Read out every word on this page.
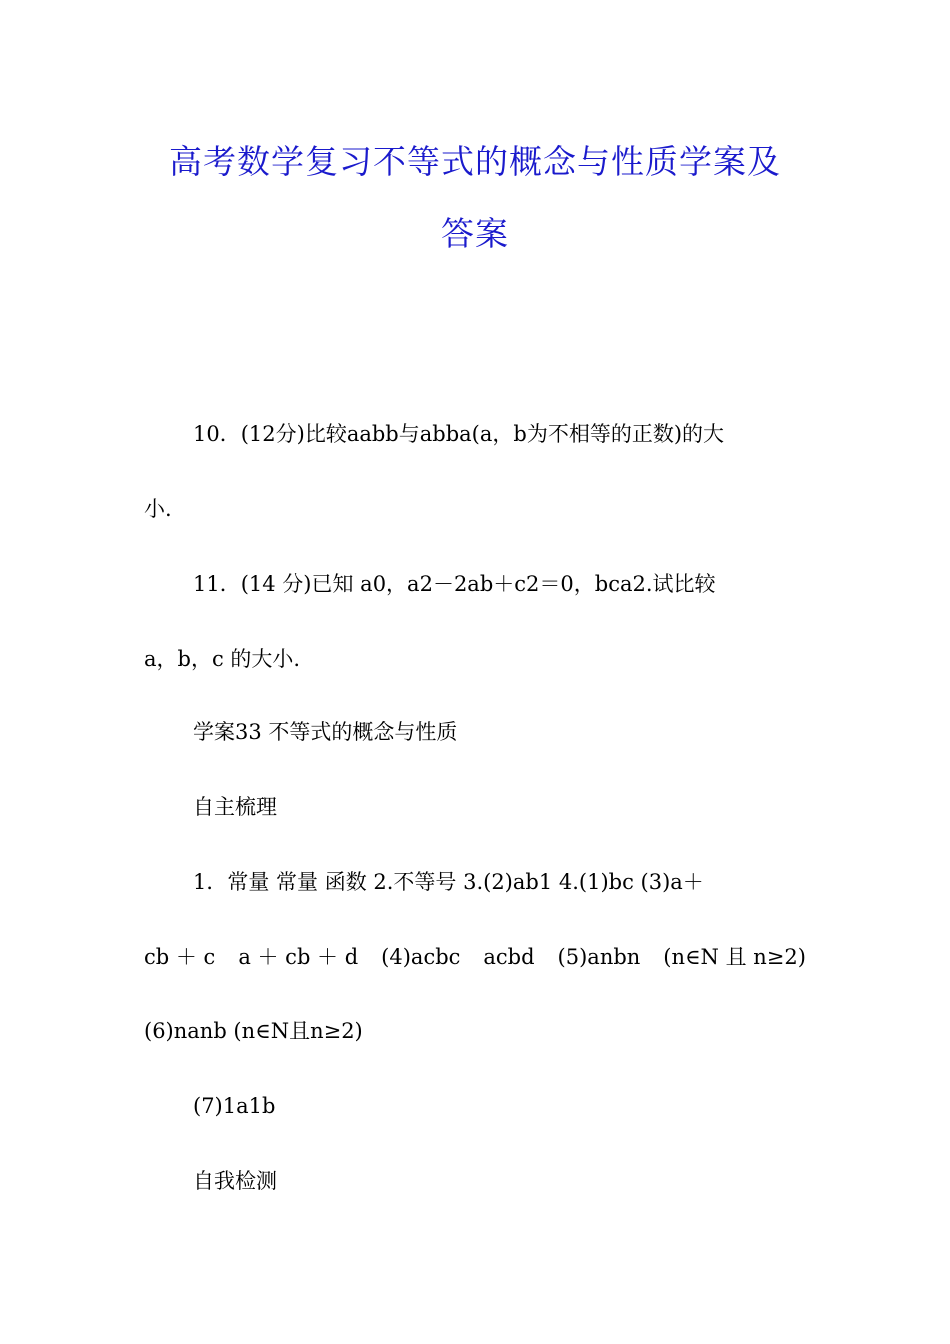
高考数学复习不等式的概念与性质学案及
答案
10．(12分)比较aabb与abba(a，b为不相等的正数)的大
小.
11．(14 分)已知 a0，a2－2ab＋c2＝0，bca2.试比较
a，b，c 的大小.
学案33 不等式的概念与性质
自主梳理
1．常量 常量 函数 2.不等号 3.(2)ab1 4.(1)bc (3)a＋
cb ＋ c a ＋ cb ＋ d (4)acbc acbd (5)anbn (n∈N 且 n≥2)
(6)nanb (n∈N且n≥2)
(7)1a1b
自我检测
